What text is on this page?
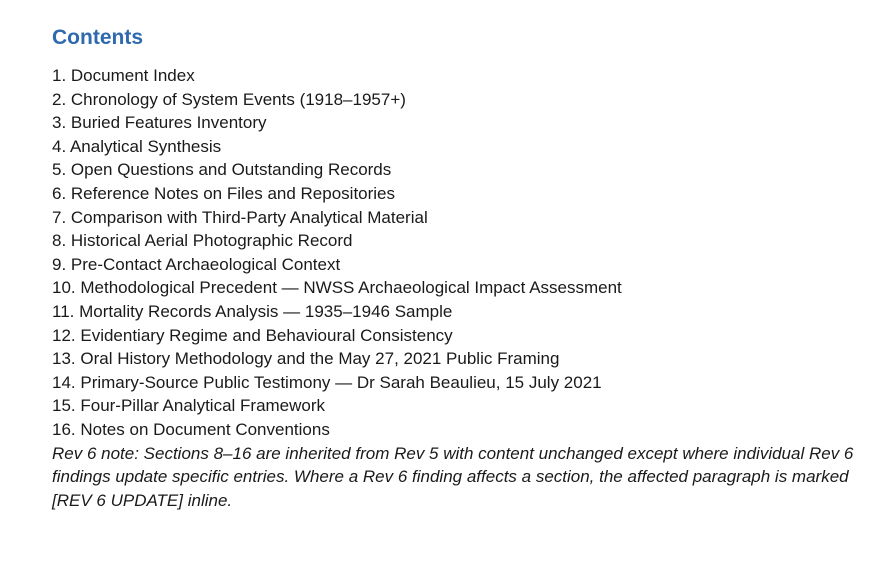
Contents
1. Document Index
2. Chronology of System Events (1918–1957+)
3. Buried Features Inventory
4. Analytical Synthesis
5. Open Questions and Outstanding Records
6. Reference Notes on Files and Repositories
7. Comparison with Third-Party Analytical Material
8. Historical Aerial Photographic Record
9. Pre-Contact Archaeological Context
10. Methodological Precedent — NWSS Archaeological Impact Assessment
11. Mortality Records Analysis — 1935–1946 Sample
12. Evidentiary Regime and Behavioural Consistency
13. Oral History Methodology and the May 27, 2021 Public Framing
14. Primary-Source Public Testimony — Dr Sarah Beaulieu, 15 July 2021
15. Four-Pillar Analytical Framework
16. Notes on Document Conventions

Rev 6 note: Sections 8–16 are inherited from Rev 5 with content unchanged except where individual Rev 6 findings update specific entries. Where a Rev 6 finding affects a section, the affected paragraph is marked [REV 6 UPDATE] inline.
